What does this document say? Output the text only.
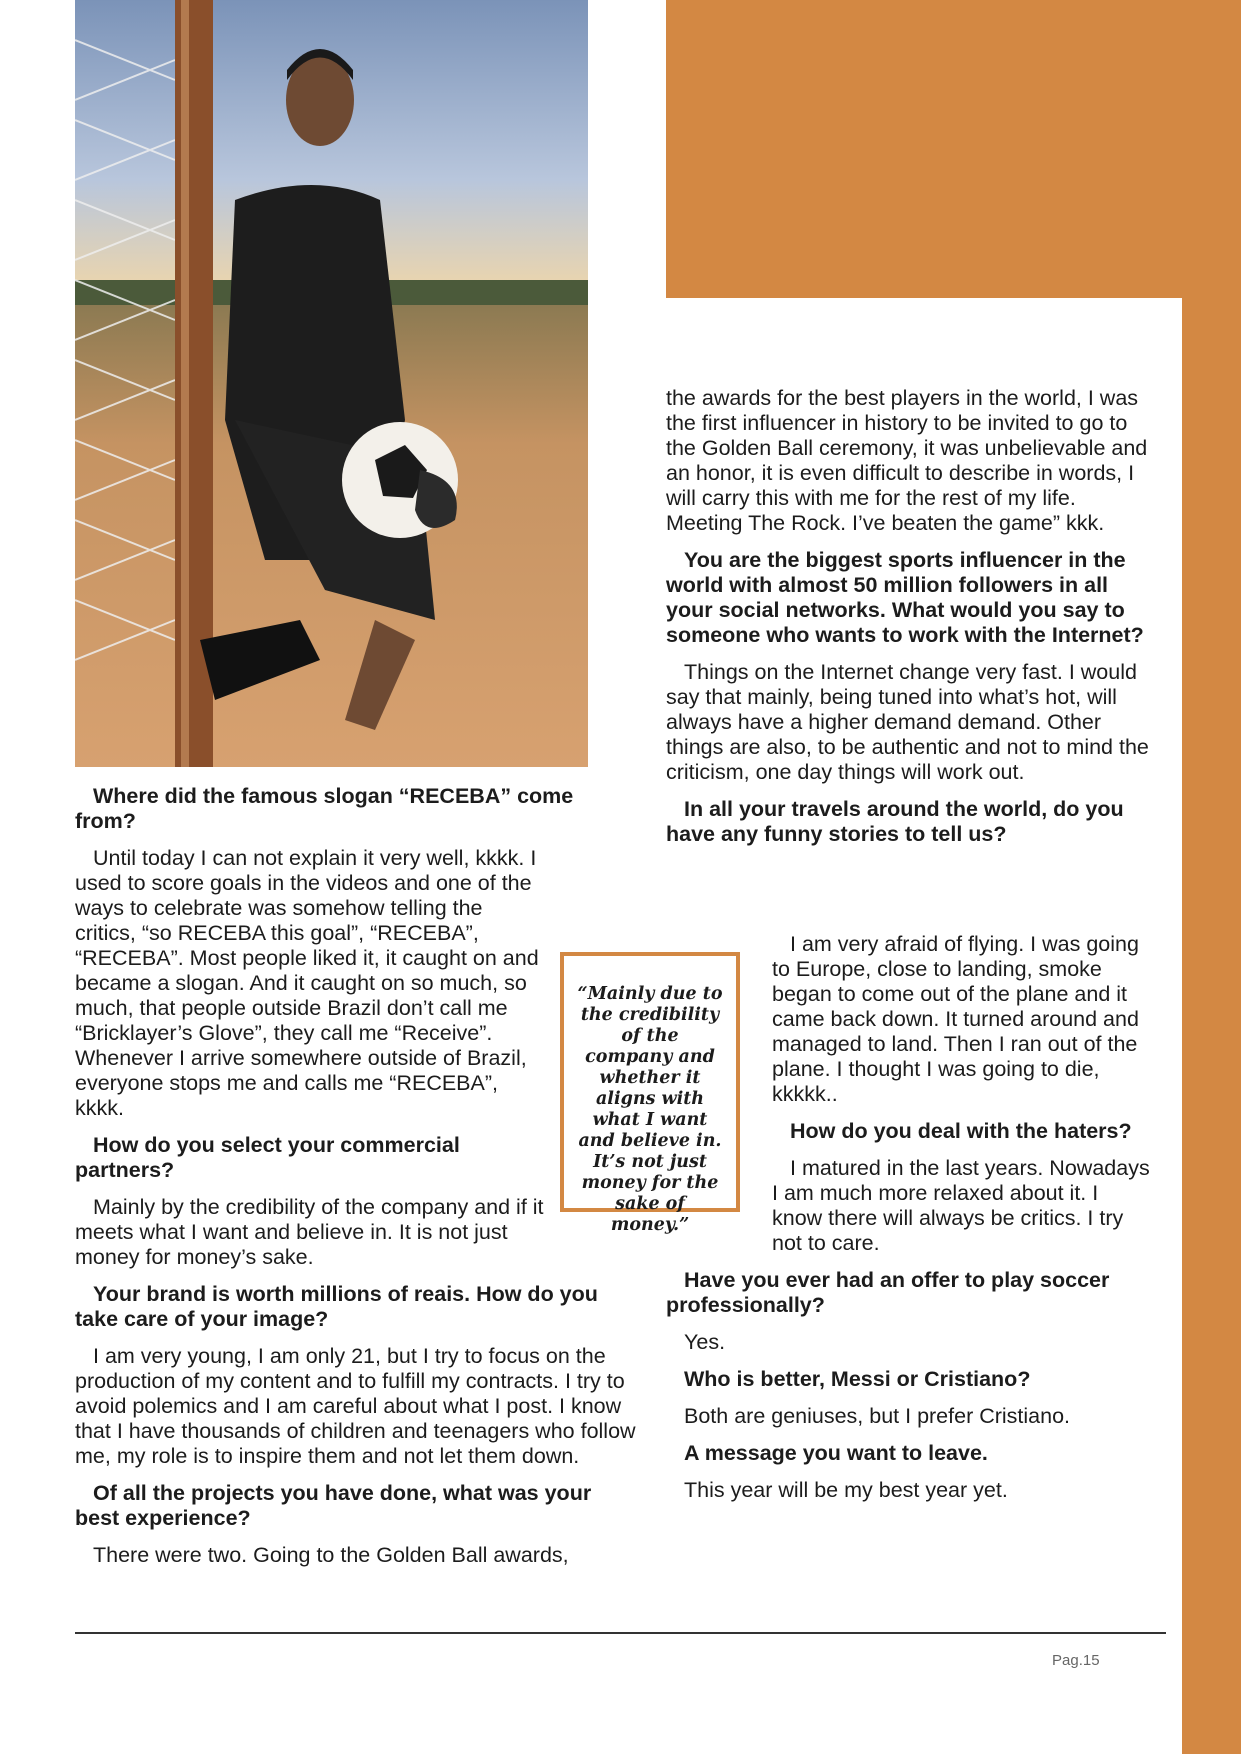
Where did the famous slogan “RECEBA” come from?

Until today I can not explain it very well, kkkk. I used to score goals in the videos and one of the ways to celebrate was somehow telling the critics, “so RECEBA this goal”, “RECEBA”, “RECEBA”. Most people liked it, it caught on and became a slogan. And it caught on so much, so much, that people outside Brazil don’t call me “Bricklayer’s Glove”, they call me “Receive”. Whenever I arrive somewhere outside of Brazil, everyone stops me and calls me “RECEBA”, kkkk.

How do you select your commercial partners?

Mainly by the credibility of the company and if it meets what I want and believe in. It is not just money for money’s sake.

Your brand is worth millions of reais. How do you take care of your image?

I am very young, I am only 21, but I try to focus on the production of my content and to fulfill my contracts. I try to avoid polemics and I am careful about what I post. I know that I have thousands of children and teenagers who follow me, my role is to inspire them and not let them down.

Of all the projects you have done, what was your best experience?

There were two. Going to the Golden Ball awards,

the awards for the best players in the world, I was the first influencer in history to be invited to go to the Golden Ball ceremony, it was unbelievable and an honor, it is even difficult to describe in words, I will carry this with me for the rest of my life. Meeting The Rock. I’ve beaten the game” kkk.

You are the biggest sports influencer in the world with almost 50 million followers in all your social networks. What would you say to someone who wants to work with the Internet?

Things on the Internet change very fast. I would say that mainly, being tuned into what’s hot, will always have a higher demand demand. Other things are also, to be authentic and not to mind the criticism, one day things will work out.

In all your travels around the world, do you have any funny stories to tell us?

I am very afraid of flying. I was going to Europe, close to landing, smoke began to come out of the plane and it came back down. It turned around and managed to land. Then I ran out of the plane. I thought I was going to die, kkkkk..

How do you deal with the haters?

I matured in the last years. Nowadays I am much more relaxed about it. I know there will always be critics. I try not to care.

Have you ever had an offer to play soccer professionally?

Yes.

Who is better, Messi or Cristiano?

Both are geniuses, but I prefer Cristiano.

A message you want to leave.

This year will be my best year yet.

“Mainly due to the credibility of the company and whether it aligns with what I want and believe in. It’s not just money for the sake of money.”
Pag.15
